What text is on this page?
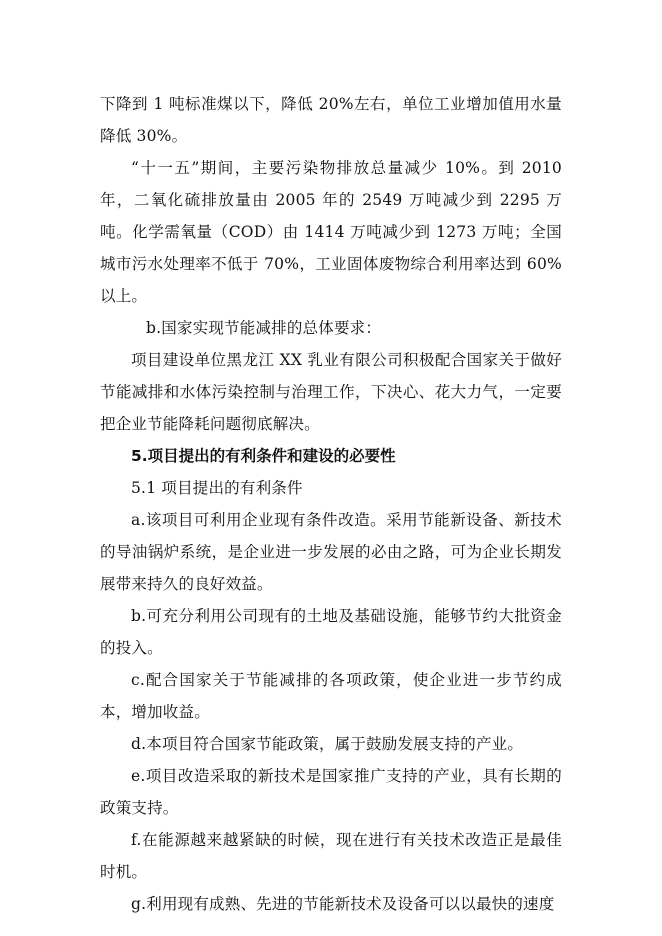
下降到 1 吨标准煤以下，降低 20%左右，单位工业增加值用水量降低 30%。

“十一五”期间，主要污染物排放总量减少 10%。到 2010 年，二氧化硫排放量由 2005 年的 2549 万吨减少到 2295 万吨。化学需氧量（COD）由 1414 万吨减少到 1273 万吨；全国城市污水处理率不低于 70%，工业固体废物综合利用率达到 60%以上。

b.国家实现节能减排的总体要求：

项目建设单位黑龙江 XX 乳业有限公司积极配合国家关于做好节能减排和水体污染控制与治理工作，下决心、花大力气，一定要把企业节能降耗问题彻底解决。

5.项目提出的有利条件和建设的必要性

5.1 项目提出的有利条件

a.该项目可利用企业现有条件改造。采用节能新设备、新技术的导油锅炉系统，是企业进一步发展的必由之路，可为企业长期发展带来持久的良好效益。

b.可充分利用公司现有的土地及基础设施，能够节约大批资金的投入。

c.配合国家关于节能减排的各项政策，使企业进一步节约成本，增加收益。

d.本项目符合国家节能政策，属于鼓励发展支持的产业。

e.项目改造采取的新技术是国家推广支持的产业，具有长期的政策支持。

f.在能源越来越紧缺的时候，现在进行有关技术改造正是最佳时机。

g.利用现有成熟、先进的节能新技术及设备可以以最快的速度
